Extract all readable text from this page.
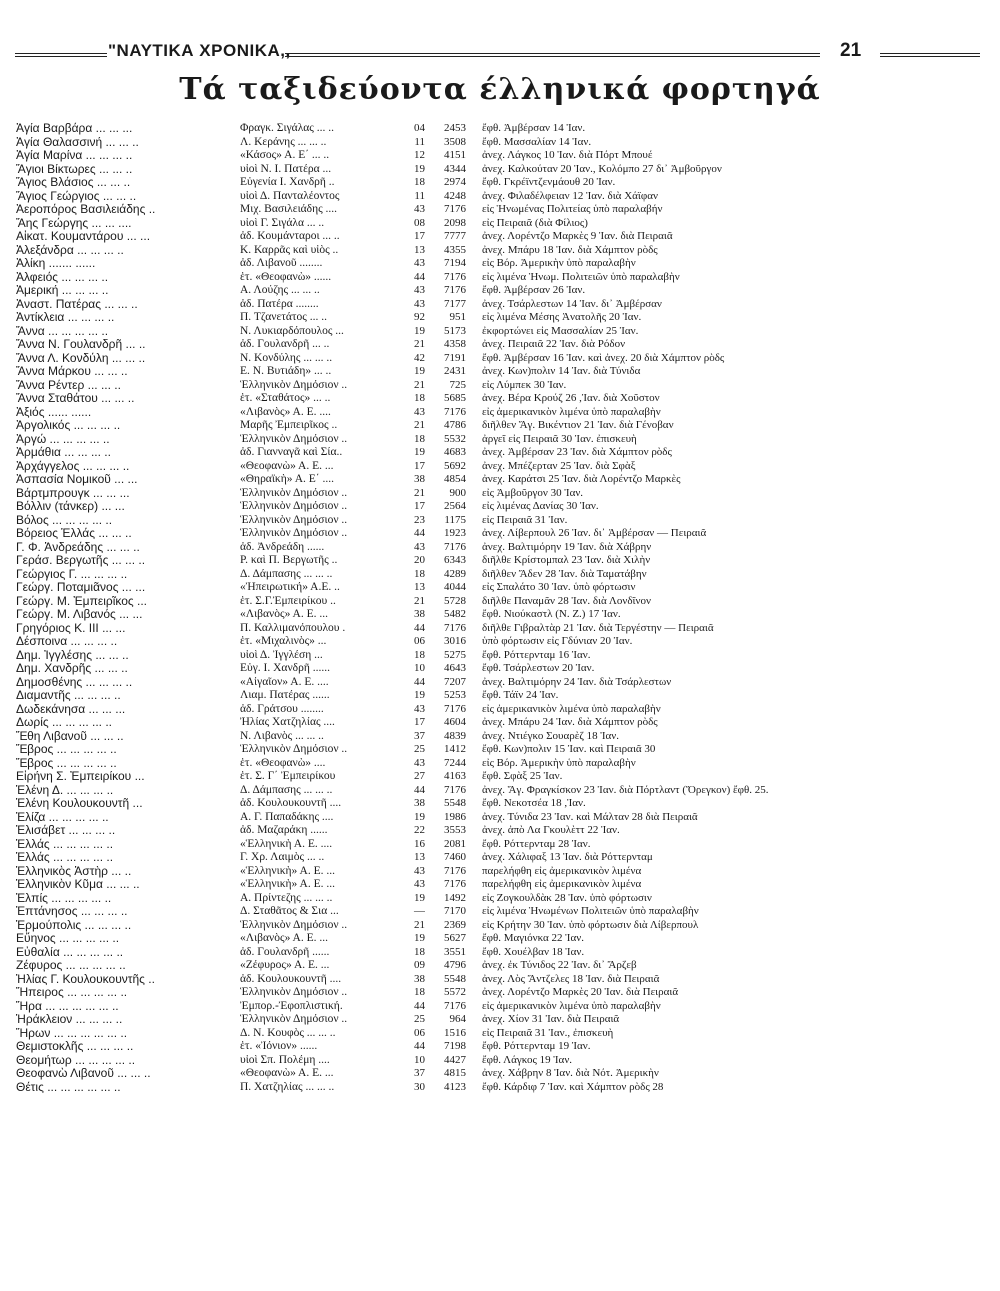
"ΝΑΥΤΙΚΑ ΧΡΟΝΙΚΑ,,	21
Τά ταξιδεύοντα έλληνικά φορτηγά
Ἁγία Βαρβάρα ... ... ...	Φραγκ. Σιγάλας ... ..	04	2453 ἔφθ. Ἀμβέρσαν 14 Ἰαν.
Ἁγία Θαλασσινή ... ... ..	Λ. Κεράνης ... ... ..	11	3508 ἔφθ. Μασσαλίαν 14 Ἰαν.
Ἁγία Μαρίνα ... ... ... ..	«Κάσος» Α. Ε΄ ... ..	12	4151 ἀνεχ. Λάγκος 10 Ἰαν. διὰ Πόρτ Μπουέ
Ἅγιοι Βίκτωρες ... ... ..	υἱοὶ Ν. Ι. Πατέρα ...	19	4344 ἀνεχ. Καλκούταν 20 Ἰαν., Κολόμπο 27 δι᾽ Ἀμβοῦργον
Ἅγιος Βλάσιος ... ... ..	Εὐγενία Ι. Χανδρῆ ..	18	2974 ἔφθ. Γκρέϊντζενμάουθ 20 Ἰαν.
Ἅγιος Γεώργιος ... ... ..	υἱοὶ Δ. Πανταλέοντος	11	4248 ἀνεχ. Φιλαδέλφειαν 12 Ἰαν. διὰ Χάϊφαν
Ἀεροπόρος Βασιλειάδης ..	Μιχ. Βασιλειάδης ....	43	7176 εἰς Ἡνωμένας Πολιτείας ὑπὸ παραλαβήν
Ἄης Γεώργης ... ... ....	υἱοὶ Γ. Σιγάλα ... ..	08	2098 εἰς Πειραιᾶ (διὰ Φίλιος)
Αἰκατ. Κουμαντάρου ... ...	ἀδ. Κουμάνταροι ... ..	17	7777 ἀνεχ. Λορέντζο Μαρκὲς 9 Ἰαν. διὰ Πειραιᾶ
Ἀλεξάνδρα ... ... ... ..	Κ. Καρρᾶς καὶ υἱὸς ..	13	4355 ἀνεχ. Μπάρυ 18 Ἰαν. διὰ Χάμπτον ρὸδς
Ἀλίκη ....... ......	ἀδ. Λιβανοῦ ........	43	7194 εἰς Βόρ. Ἀμερικὴν ὑπὸ παραλαβὴν
Ἀλφειός ... ... ... ..	ἑτ. «Θεοφανὼ» ......	44	7176 εἰς λιμένα Ἡνωμ. Πολιτειῶν ὑπὸ παραλαβὴν
Ἀμερική ... ... ... ..	Α. Λούζης ... ... ..	43	7176 ἔφθ. Ἀμβέρσαν 26 Ἰαν.
Ἀναστ. Πατέρας ... ... ..	ἀδ. Πατέρα ........	43	7177 ἀνεχ. Τσάρλεστων 14 Ἰαν. δι᾽ Ἀμβέρσαν
Ἀντίκλεια ... ... ... ..	Π. Τζανετάτος ... ..	92	951 εἰς λιμένα Μέσης Ἀνατολῆς 20 Ἰαν.
Ἄννα ... ... ... ... ..	Ν. Λυκιαρδόπουλος ...	19	5173 ἐκφορτώνει εἰς Μασσαλίαν 25 Ἰαν.
Ἄννα Ν. Γουλανδρῆ ... ..	ἀδ. Γουλανδρῆ ... ..	21	4358 ἀνεχ. Πειραιᾶ 22 Ἰαν. διὰ Ρόδον
Ἄννα Λ. Κονδύλη ... ... ..	Ν. Κονδύλης ... ... ..	42	7191 ἔφθ. Ἀμβέρσαν 16 Ἰαν. καὶ ἀνεχ. 20 διὰ Χάμπτον ρὸδς
Ἄννα Μάρκου ... ... ..	Ε. Ν. Βυτιάδη» ... ..	19	2431 ἀνεχ. Κων)πολιν 14 Ἰαν. διὰ Τύνιδα
Ἄννα Ρέντερ ... ... ..	Ἑλληνικὸν Δημόσιον ..	21	725 εἰς Λύμπεκ 30 Ἰαν.
Ἄννα Σταθάτου ... ... ..	ἑτ. «Σταθάτος» ... ..	18	5685 ἀνεχ. Βέρα Κρούζ 26 ,Ἰαν. διὰ Χοῦστον
Ἀξιός ...... ......	«Λιβανὸς» Α. Ε. ....	43	7176 εἰς ἀμερικανικὸν λιμένα ὑπὸ παραλαβὴν
Ἀργολικός ... ... ... ..	Μαρῆς Ἐμπειρῖκος ..	21	4786 διῆλθεν Ἅγ. Βικέντιον 21 Ἰαν. διὰ Γένοβαν
Ἀργώ ... ... ... ... ..	Ἑλληνικὸν Δημόσιον ..	18	5532 ἀργεῖ εἰς Πειραιᾶ 30 Ἰαν. ἐπισκευὴ
Ἀρμάθια ... ... ... ..	ἀδ. Γιανναγᾶ καὶ Σία..	19	4683 ἀνεχ. Ἀμβέρσαν 23 Ἰαν. διὰ Χάμπτον ρὸδς
Ἀρχάγγελος ... ... ... ..	«Θεοφανὼ» Α. Ε. ...	17	5692 ἀνεχ. Μπέζερταν 25 Ἰαν. διὰ Σφὰξ
Ἀσπασία Νομικοῦ ... ...	«Θηραϊκὴ» Α. Ε΄ ....	38	4854 ἀνεχ. Καράτσι 25 Ἰαν. διὰ Λορέντζο Μαρκὲς
Βάρτμπρουγκ ... ... ...	Ἑλληνικὸν Δημόσιον ..	21	900 εἰς Ἀμβοῦργον 30 Ἰαν.
Βόλλιν (τάνκερ) ... ...	Ἑλληνικὸν Δημόσιον ..	17	2564 εἰς λιμένας Δανίας 30 Ἰαν.
Βόλος ... ... ... ... ..	Ἑλληνικὸν Δημόσιον ..	23	1175 εἰς Πειραιᾶ 31 Ἰαν.
Βόρειος Ἑλλάς ... ... ..	Ἑλληνικὸν Δημόσιον ..	44	1923 ἀνεχ. Λίβερπουλ 26 Ἰαν. δι᾽ Ἀμβέρσαν — Πειραιᾶ
Γ. Φ. Ἀνδρεάδης ... ... ..	ἀδ. Ἀνδρεάδη ......	43	7176 ἀνεχ. Βαλτιμόρην 19 Ἰαν. διὰ Χάβρην
Γεράσ. Βεργωτῆς ... ... ..	Ρ. καὶ Π. Βεργωτῆς ..	20	6343 διῆλθε Κρίστομπαλ 23 Ἰαν. διὰ Χιλὴν
Γεώργιος Γ. ... ... ... ..	Δ. Δάμπασης ... ... ..	18	4289 διῆλθεν Ἄδεν 28 Ἰαν. διὰ Ταματάβην
Γεώργ. Ποταμιᾶνος ... ...	«Ἠπειρωτική» Α.Ε. ..	13	4044 εἰς Σπαλάτο 30 Ἰαν. ὑπὸ φόρτωσιν
Γεώργ. Μ. Ἐμπειρῖκος ...	ἑτ. Σ.Γ.Ἐμπειρίκου ..	21	5728 διῆλθε Παναμᾶν 28 Ἰαν. διὰ Λονδῖνον
Γεώργ. Μ. Λιβανός ... ...	«Λιβανὸς» Α. Ε. ...	38	5482 ἔφθ. Νιούκαστλ (Ν. Ζ.) 17 Ἰαν.
Γρηγόριος Κ. ΙΙΙ ... ...	Π. Καλλιμανόπουλου .	44	7176 διῆλθε Γιβραλτὰρ 21 Ἰαν. διὰ Τεργέστην — Πειραιᾶ
Δέσποινα ... ... ... ..	ἑτ. «Μιχαλινὸς» ...	06	3016 ὑπὸ φόρτωσιν εἰς Γδύνιαν 20 Ἰαν.
Δημ. Ἰγγλέσης ... ... ..	υἱοὶ Δ. Ἰγγλέση ...	18	5275 ἔφθ. Ρόττερνταμ 16 Ἰαν.
Δημ. Χανδρῆς ... ... ..	Εὐγ. Ι. Χανδρῆ ......	10	4643 ἔφθ. Τσάρλεστων 20 Ἰαν.
Δημοσθένης ... ... ... ..	«Αἰγαῖον» Α. Ε. ....	44	7207 ἀνεχ. Βαλτιμόρην 24 Ἰαν. διὰ Τσάρλεστων
Διαμαντῆς ... ... ... ..	Λιαμ. Πατέρας ......	19	5253 ἔφθ. Τάϊν 24 Ἰαν.
Δωδεκάνησα ... ... ...	ἀδ. Γράτσου ........	43	7176 εἰς ἀμερικανικὸν λιμένα ὑπὸ παραλαβὴν
Δωρίς ... ... ... ... ..	Ἠλίας Χατζηλίας ....	17	4604 ἀνεχ. Μπάρυ 24 Ἰαν. διὰ Χάμπτον ρὸδς
Ἔθη Λιβανοῦ ... ... ..	Ν. Λιβανὸς ... ... ..	37	4839 ἀνεχ. Ντιέγκο Σουαρὲζ 18 Ἰαν.
Ἔβρος ... ... ... ... ..	Ἑλληνικὸν Δημόσιον ..	25	1412 ἔφθ. Κων)πολιν 15 Ἰαν. καὶ Πειραιᾶ 30
Ἔβρος ... ... ... ... ..	ἑτ. «Θεοφανὼ» ....	43	7244 εἰς Βόρ. Ἀμερικὴν ὑπὸ παραλαβὴν
Εἰρήνη Σ. Ἐμπειρίκου ...	ἑτ. Σ. Γ΄ Ἐμπειρίκου	27	4163 ἔφθ. Σφὰξ 25 Ἰαν.
Ἑλένη Δ. ... ... ... ..	Δ. Δάμπασης ... ... ..	44	7176 ἀνεχ. Ἅγ. Φραγκίσκον 23 Ἰαν. διὰ Πόρτλαντ (Ὄρεγκον) ἔφθ. 25.
Ἑλένη Κουλουκουντῆ ...	ἀδ. Κουλουκουντῆ ....	38	5548 ἔφθ. Νεκοτσέα 18 ,Ἰαν.
Ἐλίζα ... ... ... ... ..	Α. Γ. Παπαδάκης ....	19	1986 ἀνεχ. Τύνιδα 23 Ἰαν. καὶ Μάλταν 28 διὰ Πειραιᾶ
Ἐλισάβετ ... ... ... ..	ἀδ. Μαζαράκη ......	22	3553 ἀνεχ. ἀπὸ Λα Γκουλὲττ 22 Ἰαν.
Ἑλλάς ... ... ... ... ..	«Ἑλληνικὴ Α. Ε. ....	16	2081 ἔφθ. Ρόττερνταμ 28 Ἰαν.
Ἑλλάς ... ... ... ... ..	Γ. Χρ. Λαιμὸς ... ..	13	7460 ἀνεχ. Χάλιφαξ 13 Ἰαν. διὰ Ρόττερνταμ
Ἑλληνικὸς Ἀστὴρ ... ..	«Ἑλληνικὴ» Α. Ε. ...	43	7176 παρελήφθη εἰς ἀμερικανικὸν λιμένα
Ἑλληνικὸν Κῦμα ... ... ..	«Ἑλληνικὴ» Α. Ε. ...	43	7176 παρελήφθη εἰς ἀμερικανικὸν λιμένα
Ἐλπίς ... ... ... ... ..	Α. Πρίντεζης ... ... ..	19	1492 εἰς Ζογκουλδὰκ 28 Ἰαν. ὑπὸ φόρτωσιν
Ἐπτάνησος ... ... ... ..	Δ. Σταθᾶτος & Σια ...	—	7170 εἰς λιμένα Ἡνωμένων Πολιτειῶν ὑπὸ παραλαβὴν
Ἑρμούπολις ... ... ... ..	Ἑλληνικὸν Δημόσιον ..	21	2369 εἰς Κρήτην 30 Ἰαν. ὑπὸ φόρτωσιν διὰ Λίβερπουλ
Εὔηνος ... ... ... ... ..	«Λιβανὸς» Α. Ε. ...	19	5627 ἔφθ. Μαγιόνκα 22 Ἰαν.
Εὐθαλία ... ... ... ... ..	ἀδ. Γουλανδρῆ ......	18	3551 ἔφθ. Χουέλβαν 18 Ἰαν.
Ζέφυρος ... ... ... ... ..	«Ζέφυρος» Α. Ε. ...	09	4796 ἀνεχ. ἐκ Τύνιδος 22 Ἰαν. δι᾽ Ἄρζεβ
Ἠλίας Γ. Κουλουκουντῆς ..	ἀδ. Κουλουκουντῆ ....	38	5548 ἀνεχ. Λὸς Ἄντζελες 18 Ἰαν. διὰ Πειραιᾶ
Ἤπειρος ... ... ... ... ..	Ἑλληνικὸν Δημόσιον ..	18	5572 ἀνεχ. Λορέντζο Μαρκὲς 20 Ἰαν. διὰ Πειραιᾶ
Ἥρα ... ... ... ... ... ..	Ἐμπορ.-Ἐφοπλιστική.	44	7176 εἰς ἀμερικανικὸν λιμένα ὑπὸ παραλαβὴν
Ἡράκλειον ... ... ... ..	Ἑλληνικὸν Δημόσιον ..	25	964 ἀνεχ. Χίον 31 Ἰαν. διὰ Πειραιᾶ
Ἥρων ... ... ... ... ... ..	Δ. Ν. Κουφὸς ... ... ..	06	1516 εἰς Πειραιᾶ 31 Ἰαν., ἐπισκευὴ
Θεμιστοκλῆς ... ... ... ..	ἑτ. «Ἰόνιον» ......	44	7198 ἔφθ. Ρόττερνταμ 19 Ἰαν.
Θεομήτωρ ... ... ... ... ..	υἱοὶ Σπ. Πολέμη ....	10	4427 ἔφθ. Λάγκος 19 Ἰαν.
Θεοφανὼ Λιβανοῦ ... ... ..	«Θεοφανὼ» Α. Ε. ...	37	4815 ἀνεχ. Χάβρην 8 Ἰαν. διὰ Νότ. Ἀμερικὴν
Θέτις ... ... ... ... ... ..	Π. Χατζηλίας ... ... ..	30	4123 ἔφθ. Κάρδιφ 7 Ἰαν. καὶ Χάμπτον ρὸδς 28
